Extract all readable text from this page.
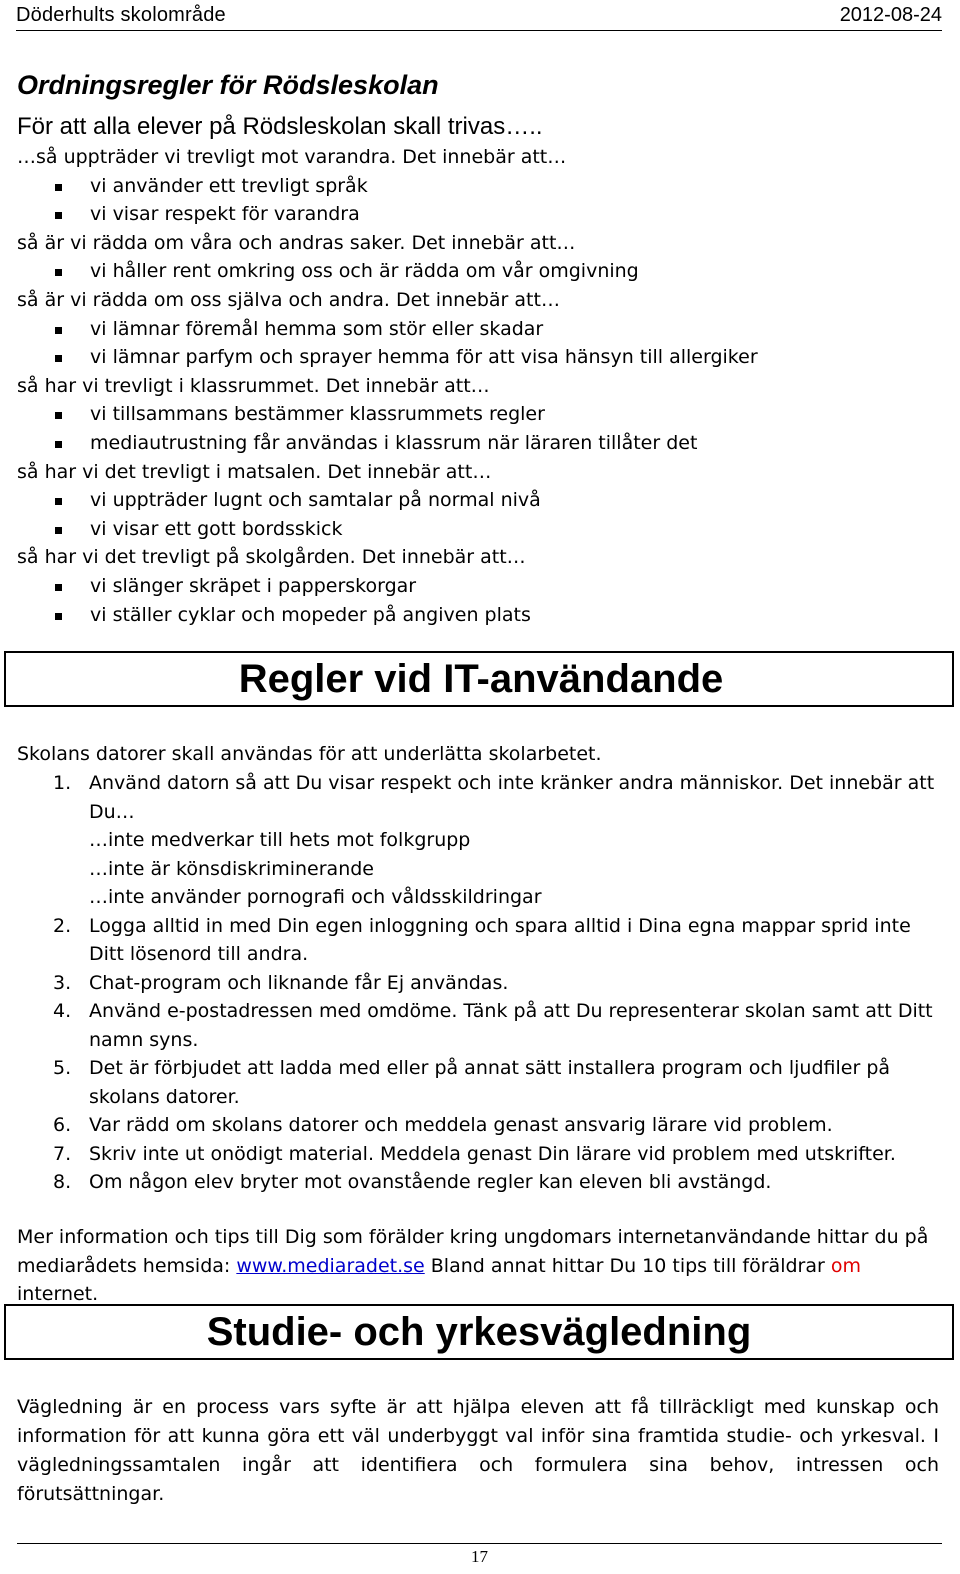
Döderhults skolområde	2012-08-24
Ordningsregler för Rödsleskolan
För att alla elever på Rödsleskolan skall trivas…..
…så uppträder vi trevligt mot varandra. Det innebär att…
vi använder ett trevligt språk
vi visar respekt för varandra
så är vi rädda om våra och andras saker. Det innebär att…
vi håller rent omkring oss och är rädda om vår omgivning
så är vi rädda om oss själva och andra. Det innebär att…
vi lämnar föremål hemma som stör eller skadar
vi lämnar parfym och sprayer hemma för att visa hänsyn till allergiker
så har vi trevligt i klassrummet. Det innebär att…
vi tillsammans bestämmer klassrummets regler
mediautrustning får användas i klassrum när läraren tillåter det
så har vi det trevligt i matsalen. Det innebär att…
vi uppträder lugnt och samtalar på normal nivå
vi visar ett gott bordsskick
så har vi det trevligt på skolgården. Det innebär att…
vi slänger skräpet i papperskorgar
vi ställer cyklar och mopeder på angiven plats
Regler vid IT-användande
Skolans datorer skall användas för att underlätta skolarbetet.
1. Använd datorn så att Du visar respekt och inte kränker andra människor. Det innebär att Du…
…inte medverkar till hets mot folkgrupp
…inte är könsdiskriminerande
…inte använder pornografi och våldsskildringar
2. Logga alltid in med Din egen inloggning och spara alltid i Dina egna mappar sprid inte Ditt lösenord till andra.
3. Chat-program och liknande får Ej användas.
4. Använd e-postadressen med omdöme. Tänk på att Du representerar skolan samt att Ditt namn syns.
5. Det är förbjudet att ladda med eller på annat sätt installera program och ljudfiler på skolans datorer.
6. Var rädd om skolans datorer och meddela genast ansvarig lärare vid problem.
7. Skriv inte ut onödigt material. Meddela genast Din lärare vid problem med utskrifter.
8. Om någon elev bryter mot ovanstående regler kan eleven bli avstängd.
Mer information och tips till Dig som förälder kring ungdomars internetanvändande hittar du på mediarådets hemsida: www.mediaradet.se Bland annat hittar Du 10 tips till föräldrar om internet.
Studie- och yrkesvägledning
Vägledning är en process vars syfte är att hjälpa eleven att få tillräckligt med kunskap och information för att kunna göra ett väl underbyggt val inför sina framtida studie- och yrkesval. I vägledningssamtalen ingår att identifiera och formulera sina behov, intressen och förutsättningar.
17
